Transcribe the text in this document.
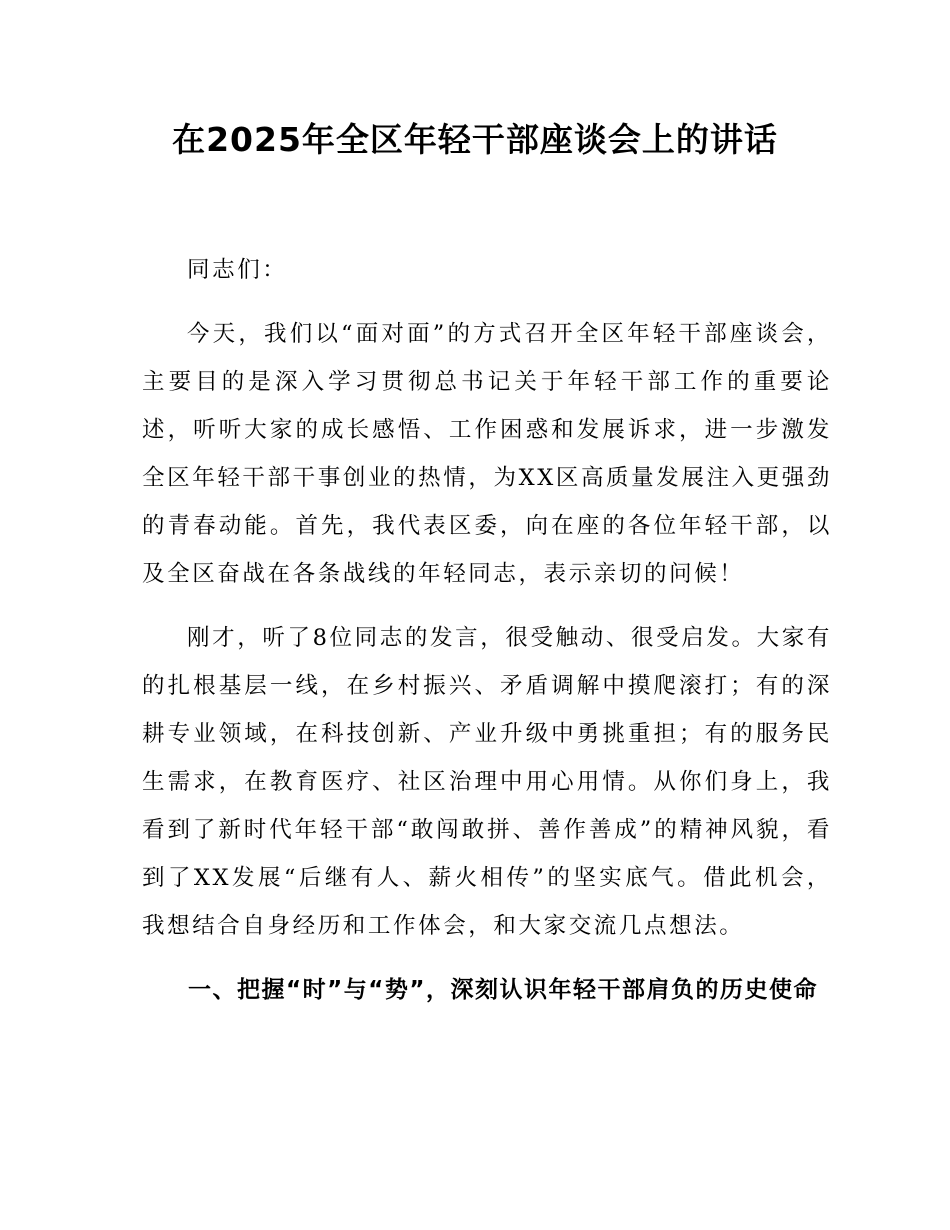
在2025年全区年轻干部座谈会上的讲话

同志们：

今天，我们以“面对面”的方式召开全区年轻干部座谈会，主要目的是深入学习贯彻总书记关于年轻干部工作的重要论述，听听大家的成长感悟、工作困惑和发展诉求，进一步激发全区年轻干部干事创业的热情，为XX区高质量发展注入更强劲的青春动能。首先，我代表区委，向在座的各位年轻干部，以及全区奋战在各条战线的年轻同志，表示亲切的问候！

刚才，听了8位同志的发言，很受触动、很受启发。大家有的扎根基层一线，在乡村振兴、矛盾调解中摸爬滚打；有的深耕专业领域，在科技创新、产业升级中勇挑重担；有的服务民生需求，在教育医疗、社区治理中用心用情。从你们身上，我看到了新时代年轻干部“敢闯敢拼、善作善成”的精神风貌，看到了XX发展“后继有人、薪火相传”的坚实底气。借此机会，我想结合自身经历和工作体会，和大家交流几点想法。

一、把握“时”与“势”，深刻认识年轻干部肩负的历史使命
